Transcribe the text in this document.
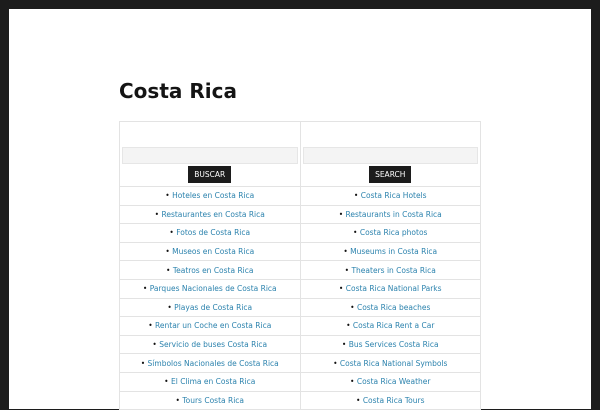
Costa Rica
BUSCAR	SEARCH
• Hoteles en Costa Rica	• Costa Rica Hotels
• Restaurantes en Costa Rica	• Restaurants in Costa Rica
• Fotos de Costa Rica	• Costa Rica photos
• Museos en Costa Rica	• Museums in Costa Rica
• Teatros en Costa Rica	• Theaters in Costa Rica
• Parques Nacionales de Costa Rica	• Costa Rica National Parks
• Playas de Costa Rica	• Costa Rica beaches
• Rentar un Coche en Costa Rica	• Costa Rica Rent a Car
• Servicio de buses Costa Rica	• Bus Services Costa Rica
• Símbolos Nacionales de Costa Rica	• Costa Rica National Symbols
• El Clima en Costa Rica	• Costa Rica Weather
• Tours Costa Rica	• Costa Rica Tours
